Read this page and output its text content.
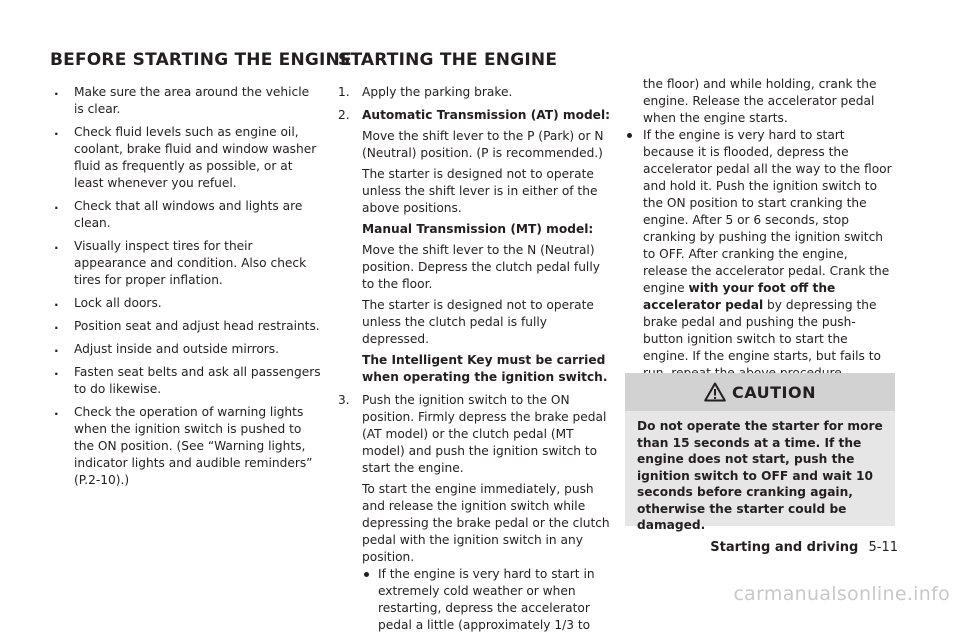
BEFORE STARTING THE ENGINE
. Make sure the area around the vehicle is clear.
. Check fluid levels such as engine oil, coolant, brake fluid and window washer fluid as frequently as possible, or at least whenever you refuel.
. Check that all windows and lights are clean.
. Visually inspect tires for their appearance and condition. Also check tires for proper inflation.
. Lock all doors.
. Position seat and adjust head restraints.
. Adjust inside and outside mirrors.
. Fasten seat belts and ask all passengers to do likewise.
. Check the operation of warning lights when the ignition switch is pushed to the ON position. (See “Warning lights, indicator lights and audible reminders” (P.2-10).)
STARTING THE ENGINE
1. Apply the parking brake.
2. Automatic Transmission (AT) model:
Move the shift lever to the P (Park) or N (Neutral) position. (P is recommended.)
The starter is designed not to operate unless the shift lever is in either of the above positions.
Manual Transmission (MT) model:
Move the shift lever to the N (Neutral) position. Depress the clutch pedal fully to the floor.
The starter is designed not to operate unless the clutch pedal is fully depressed.
The Intelligent Key must be carried when operating the ignition switch.
3. Push the ignition switch to the ON position. Firmly depress the brake pedal (AT model) or the clutch pedal (MT model) and push the ignition switch to start the engine.
To start the engine immediately, push and release the ignition switch while depressing the brake pedal or the clutch pedal with the ignition switch in any position.
If the engine is very hard to start in extremely cold weather or when restarting, depress the accelerator pedal a little (approximately 1/3 to
the floor) and while holding, crank the engine. Release the accelerator pedal when the engine starts.
If the engine is very hard to start because it is flooded, depress the accelerator pedal all the way to the floor and hold it. Push the ignition switch to the ON position to start cranking the engine. After 5 or 6 seconds, stop cranking by pushing the ignition switch to OFF. After cranking the engine, release the accelerator pedal. Crank the engine with your foot off the accelerator pedal by depressing the brake pedal and pushing the push-button ignition switch to start the engine. If the engine starts, but fails to
CAUTION
Do not operate the starter for more than 15 seconds at a time. If the engine does not start, push the ignition switch to OFF and wait 10 seconds before cranking again, otherwise the starter could be damaged.
Starting and driving 5-11
carmanualsonline.info
